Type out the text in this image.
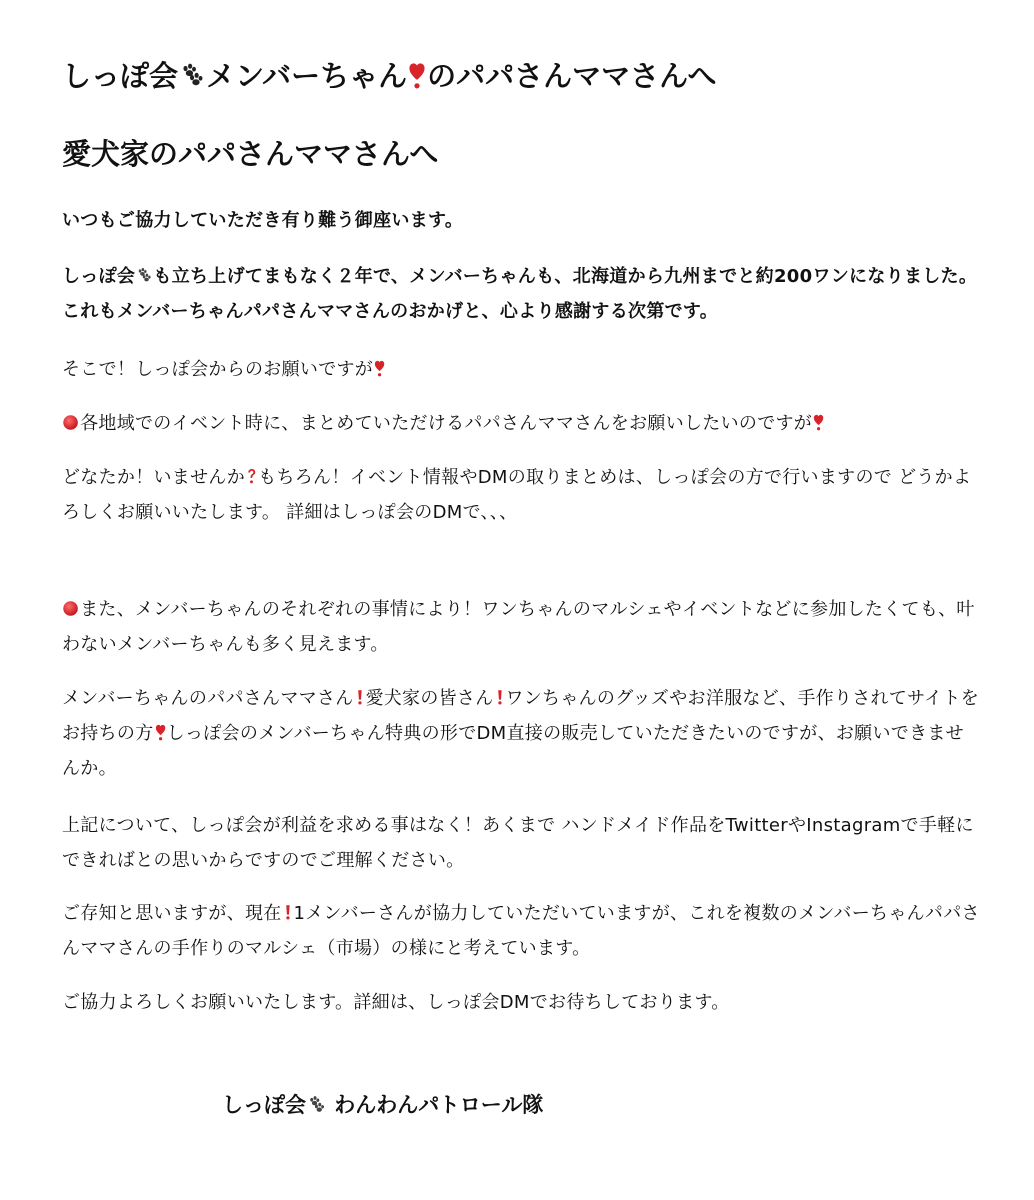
しっぽ会 メンバーちゃん のパパさんママさんへ
愛犬家のパパさんママさんへ
いつもご協力していただき有り難う御座います。
しっぽ会 も立ち上げてまもなく２年で、メンバーちゃんも、北海道から九州までと約200ワンになりました。これもメンバーちゃんパパさんママさんのおかげと、心より感謝する次第です。
そこで！しっぽ会からのお願いですが
各地域でのイベント時に、まとめていただけるパパさんママさんをお願いしたいのですが
どなたか！いませんか もちろん！イベント情報やDMの取りまとめは、しっぽ会の方で行いますので どうかよろしくお願いいたします。 詳細はしっぽ会のDMで、、、
また、メンバーちゃんのそれぞれの事情により！ワンちゃんのマルシェやイベントなどに参加したくても、叶わないメンバーちゃんも多く見えます。
メンバーちゃんのパパさんママさん 愛犬家の皆さん ワンちゃんのグッズやお洋服など、手作りされてサイトをお持ちの方 しっぽ会のメンバーちゃん特典の形でDM直接の販売していただきたいのですが、お願いできませんか。
上記について、しっぽ会が利益を求める事はなく！あくまで ハンドメイド作品をTwitterやInstagramで手軽にできればとの思いからですのでご理解ください。
ご存知と思いますが、現在 1メンバーさんが協力していただいていますが、これを複数のメンバーちゃんパパさんママさんの手作りのマルシェ（市場）の様にと考えています。
ご協力よろしくお願いいたします。詳細は、しっぽ会DMでお待ちしております。
しっぽ会
わんわんパトロール隊
